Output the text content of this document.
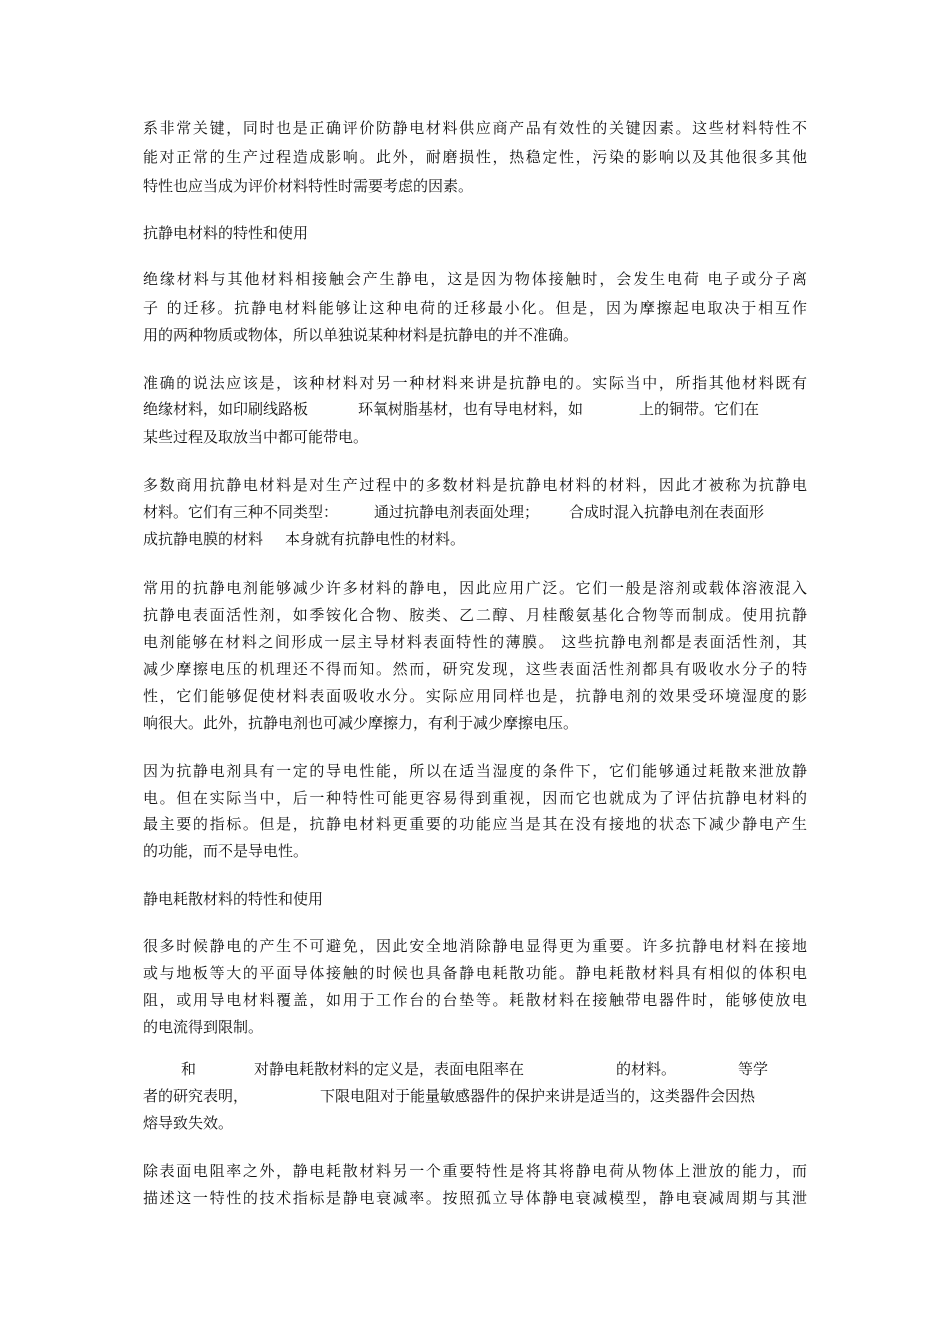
系非常关键，同时也是正确评价防静电材料供应商产品有效性的关键因素。这些材料特性不
能对正常的生产过程造成影响。此外，耐磨损性，热稳定性，污染的影响以及其他很多其他
特性也应当成为评价材料特性时需要考虑的因素。
抗静电材料的特性和使用
绝缘材料与其他材料相接触会产生静电，这是因为物体接触时，会发生电荷 电子或分子离
子 的迁移。抗静电材料能够让这种电荷的迁移最小化。但是，因为摩擦起电取决于相互作
用的两种物质或物体，所以单独说某种材料是抗静电的并不准确。
准确的说法应该是，该种材料对另一种材料来讲是抗静电的。实际当中，所指其他材料既有
绝缘材料，如印刷线路板	环氧树脂基材，也有导电材料，如	上的铜带。它们在
某些过程及取放当中都可能带电。
多数商用抗静电材料是对生产过程中的多数材料是抗静电材料的材料，因此才被称为抗静电
材料。它们有三种不同类型： 通过抗静电剂表面处理； 合成时混入抗静电剂在表面形
成抗静电膜的材料 本身就有抗静电性的材料。
常用的抗静电剂能够减少许多材料的静电，因此应用广泛。它们一般是溶剂或载体溶液混入
抗静电表面活性剂，如季铵化合物、胺类、乙二醇、月桂酸氨基化合物等而制成。使用抗静
电剂能够在材料之间形成一层主导材料表面特性的薄膜。 这些抗静电剂都是表面活性剂，其
减少摩擦电压的机理还不得而知。然而，研究发现，这些表面活性剂都具有吸收水分子的特
性，它们能够促使材料表面吸收水分。实际应用同样也是，抗静电剂的效果受环境湿度的影
响很大。此外，抗静电剂也可减少摩擦力，有利于减少摩擦电压。
因为抗静电剂具有一定的导电性能，所以在适当湿度的条件下，它们能够通过耗散来泄放静
电。但在实际当中，后一种特性可能更容易得到重视，因而它也就成为了评估抗静电材料的
最主要的指标。但是，抗静电材料更重要的功能应当是其在没有接地的状态下减少静电产生
的功能，而不是导电性。
静电耗散材料的特性和使用
很多时候静电的产生不可避免，因此安全地消除静电显得更为重要。许多抗静电材料在接地
或与地板等大的平面导体接触的时候也具备静电耗散功能。静电耗散材料具有相似的体积电
阻，或用导电材料覆盖，如用于工作台的台垫等。耗散材料在接触带电器件时，能够使放电
的电流得到限制。
和	对静电耗散材料的定义是，表面电阻率在	的材料。	等学
者的研究表明，	下限电阻对于能量敏感器件的保护来讲是适当的，这类器件会因热
熔导致失效。
除表面电阻率之外，静电耗散材料另一个重要特性是将其将静电荷从物体上泄放的能力，而
描述这一特性的技术指标是静电衰减率。按照孤立导体静电衰减模型，静电衰减周期与其泄
